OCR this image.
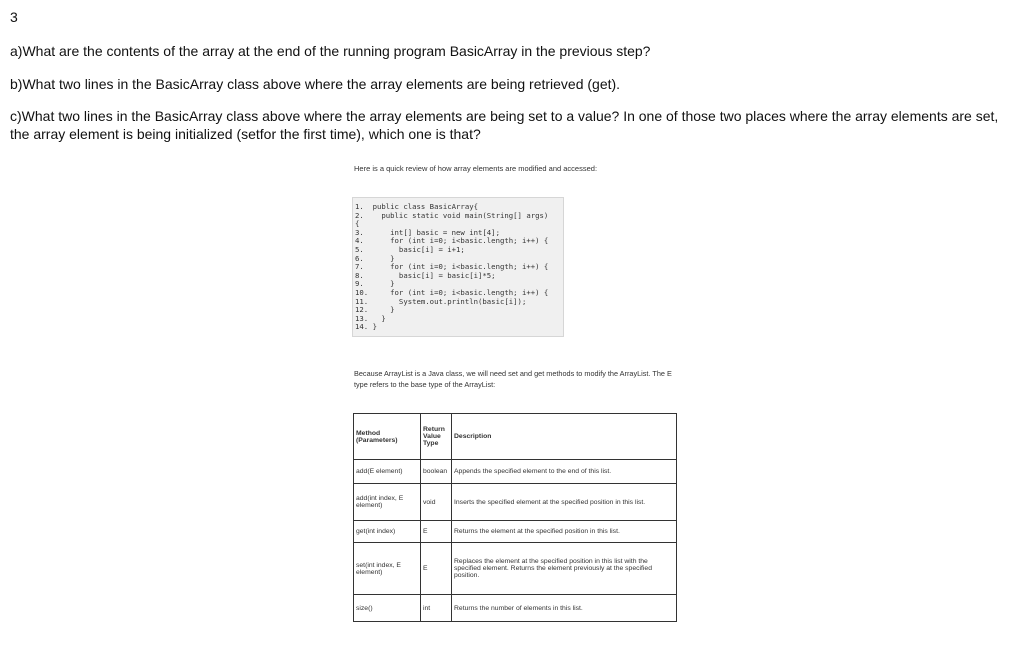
3
a)What are the contents of the array at the end of the running program BasicArray in the previous step?
b)What two lines in the BasicArray class above where the array elements are being retrieved (get).
c)What two lines in the BasicArray class above where the array elements are being set to a value? In one of those two places where the array elements are set, the array element is being initialized (setfor the first time), which one is that?
Here is a quick review of how array elements are modified and accessed:
1.  public class BasicArray{
2.    public static void main(String[] args)
{
3.      int[] basic = new int[4];
4.      for (int i=0; i<basic.length; i++) {
5.        basic[i] = i+1;
6.      }
7.      for (int i=0; i<basic.length; i++) {
8.        basic[i] = basic[i]*5;
9.      }
10.     for (int i=0; i<basic.length; i++) {
11.       System.out.println(basic[i]);
12.     }
13.   }
14. }

Because ArrayList is a Java class, we will need set and get methods to modify the ArrayList. The E type refers to the base type of the ArrayList:
Method (Parameters)	Return Value Type	Description
add(E element)	boolean	Appends the specified element to the end of this list.
add(int index, E element)	void	Inserts the specified element at the specified position in this list.
get(int index)	E	Returns the element at the specified position in this list.
set(int index, E element)	E	Replaces the element at the specified position in this list with the specified element. Returns the element previously at the specified position.
size()	int	Returns the number of elements in this list.
